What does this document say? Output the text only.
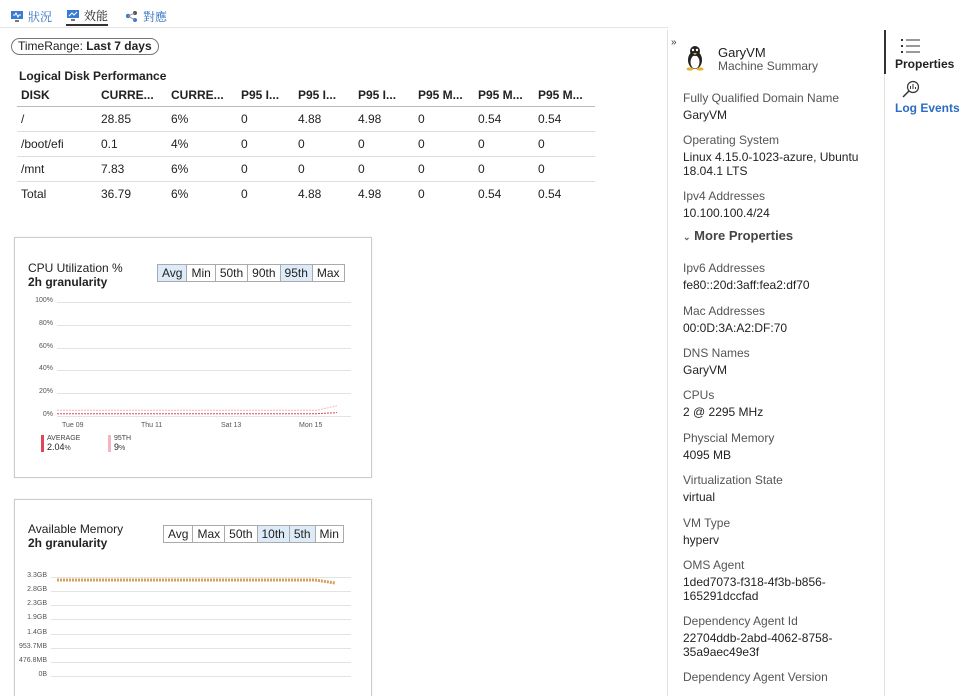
狀況	效能	對應
TimeRange: Last 7 days
Logical Disk Performance
DISK	CURRE...	CURRE...	P95 I...	P95 I...	P95 I...	P95 M...	P95 M...	P95 M...
/	28.85	6%	0	4.88	4.98	0	0.54	0.54
/boot/efi	0.1	4%	0	0	0	0	0	0
/mnt	7.83	6%	0	0	0	0	0	0
Total	36.79	6%	0	4.88	4.98	0	0.54	0.54
CPU Utilization %
2h granularity
Avg Min 50th 90th 95th Max
AVERAGE
2.04%
95TH
9%
100%
80%
60%
40%
20%
0%
Tue 09	Thu 11	Sat 13	Mon 15
Available Memory
2h granularity
Avg Max 50th 10th 5th Min
3.3GB
2.8GB
2.3GB
1.9GB
1.4GB
953.7MB
476.8MB
0B
»
GaryVM
Machine Summary
Fully Qualified Domain Name
GaryVM
Operating System
Linux 4.15.0-1023-azure, Ubuntu 18.04.1 LTS
Ipv4 Addresses
10.100.100.4/24
⌄ More Properties
Ipv6 Addresses
fe80::20d:3aff:fea2:df70
Mac Addresses
00:0D:3A:A2:DF:70
DNS Names
GaryVM
CPUs
2 @ 2295 MHz
Physcial Memory
4095 MB
Virtualization State
virtual
VM Type
hyperv
OMS Agent
1ded7073-f318-4f3b-b856-165291dccfad
Dependency Agent Id
22704ddb-2abd-4062-8758-35a9aec49e3f
Dependency Agent Version
Properties
Log Events
